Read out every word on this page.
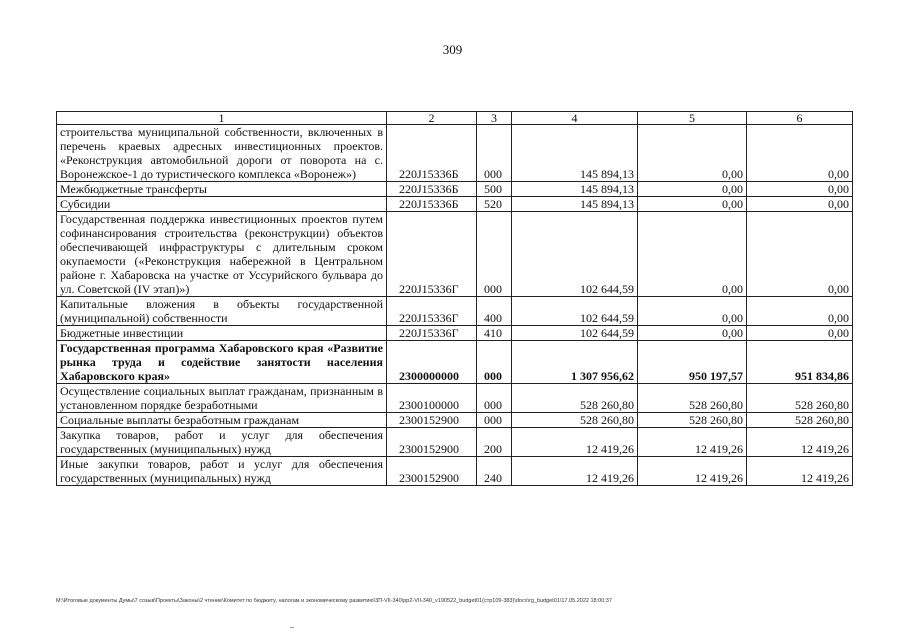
309
1	2	3	4	5	6
строительства муниципальной собственности, включенных в перечень краевых адресных инвестиционных проектов. «Реконструкция автомобильной дороги от поворота на с. Воронежское-1 до туристического комплекса «Воронеж»)	220J15336Б	000	145 894,13	0,00	0,00
Межбюджетные трансферты	220J15336Б	500	145 894,13	0,00	0,00
Субсидии	220J15336Б	520	145 894,13	0,00	0,00
Государственная поддержка инвестиционных проектов путем софинансирования строительства (реконструкции) объектов обеспечивающей инфраструктуры с длительным сроком окупаемости («Реконструкция набережной в Центральном районе г. Хабаровска на участке от Уссурийского бульвара до ул. Советской (IV этап)»)	220J15336Г	000	102 644,59	0,00	0,00
Капитальные вложения в объекты государственной (муниципальной) собственности	220J15336Г	400	102 644,59	0,00	0,00
Бюджетные инвестиции	220J15336Г	410	102 644,59	0,00	0,00
Государственная программа Хабаровского края «Развитие рынка труда и содействие занятости населения Хабаровского края»	2300000000	000	1 307 956,62	950 197,57	951 834,86
Осуществление социальных выплат гражданам, признанным в установленном порядке безработными	2300100000	000	528 260,80	528 260,80	528 260,80
Социальные выплаты безработным гражданам	2300152900	000	528 260,80	528 260,80	528 260,80
Закупка товаров, работ и услуг для обеспечения государственных (муниципальных) нужд	2300152900	200	12 419,26	12 419,26	12 419,26
Иные закупки товаров, работ и услуг для обеспечения государственных (муниципальных) нужд	2300152900	240	12 419,26	12 419,26	12 419,26
M:\Итоговые документы Думы\7 созыв\Проекты\Законы\2 чтение\Комитет по бюджету, налогам и экономическому развитию\3П-VII-340\pp2-VII-340_v190522_budget01(стр109-383)\docx\rg_budget01\17.05.2022 18:00:37
